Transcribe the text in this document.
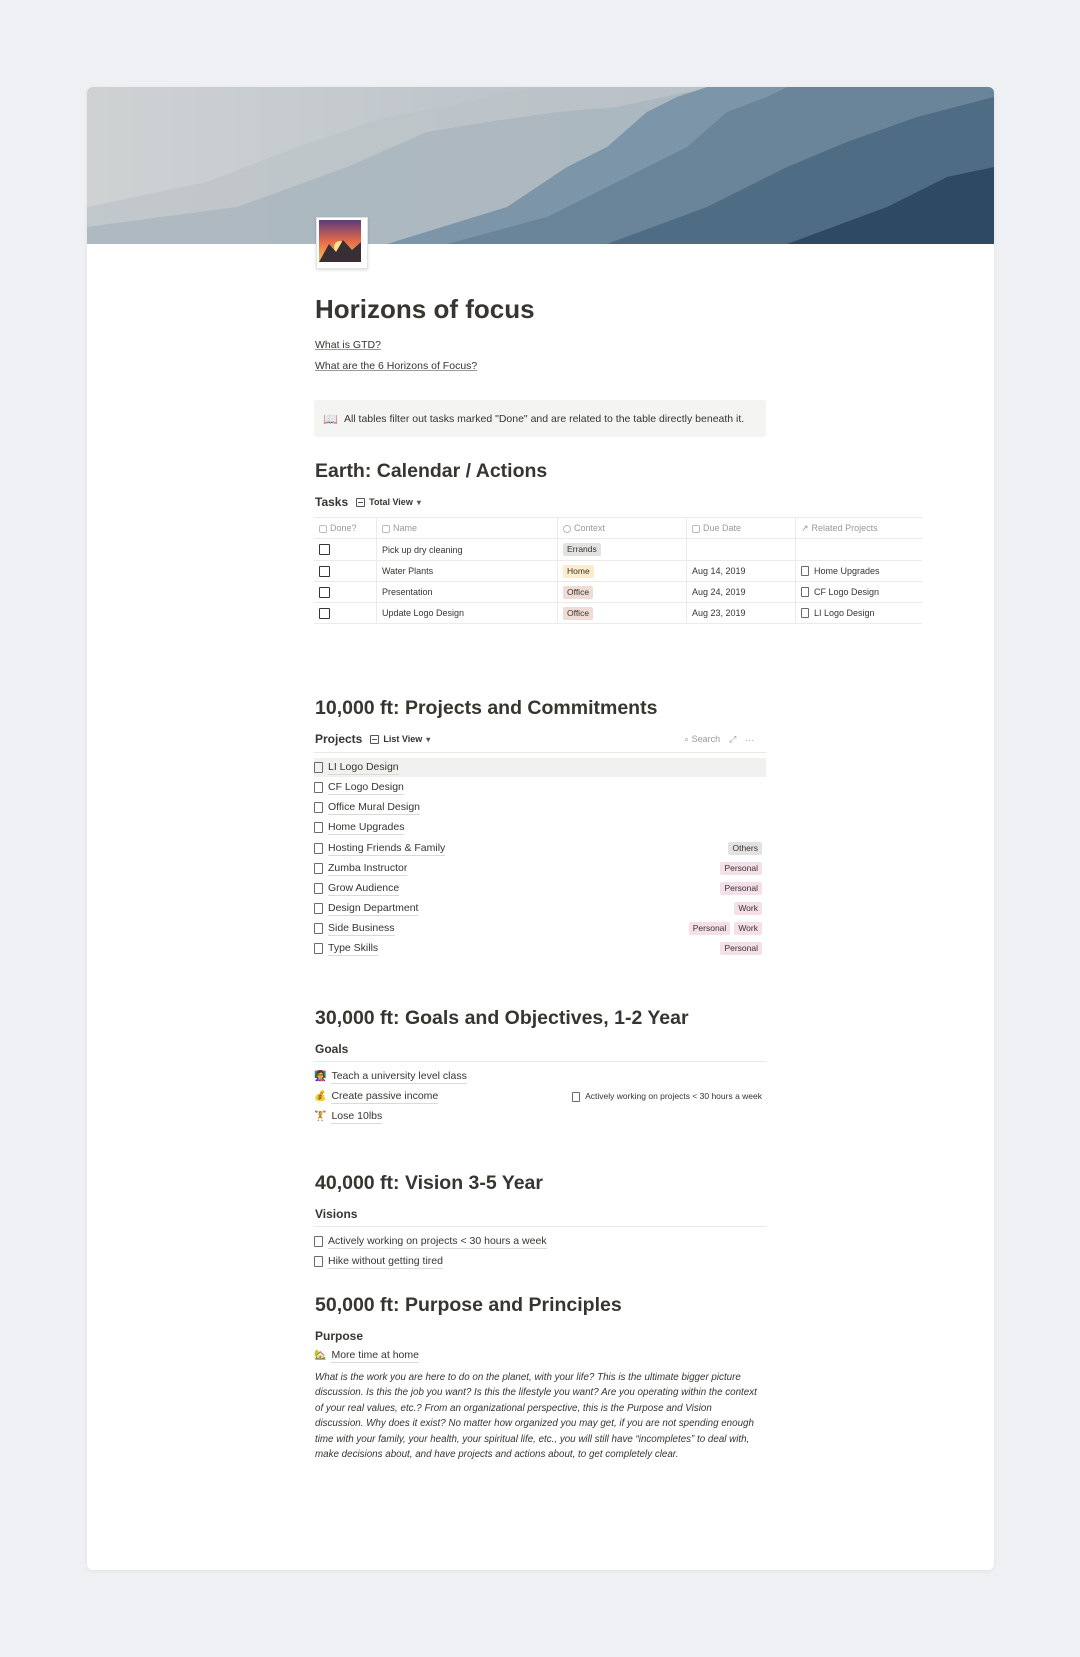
Horizons of focus
What is GTD?
What are the 6 Horizons of Focus?
📖 All tables filter out tasks marked "Done" and are related to the table directly beneath it.
Earth: Calendar / Actions
Tasks Total View ▾
Done?	Name	Context	Due Date	↗ Related Projects
	Pick up dry cleaning	Errands		
	Water Plants	Home	Aug 14, 2019	Home Upgrades
	Presentation	Office	Aug 24, 2019	CF Logo Design
	Update Logo Design	Office	Aug 23, 2019	LI Logo Design
10,000 ft: Projects and Commitments
Projects List View ▾	⌕ Search ⤢ ···
LI Logo Design
CF Logo Design
Office Mural Design
Home Upgrades
Hosting Friends & Family	Others
Zumba Instructor	Personal
Grow Audience	Personal
Design Department	Work
Side Business	Personal	Work
Type Skills	Personal
30,000 ft: Goals and Objectives, 1-2 Year
Goals
👩‍🏫 Teach a university level class
💰 Create passive income	Actively working on projects < 30 hours a week
🏋 Lose 10lbs
40,000 ft: Vision 3-5 Year
Visions
Actively working on projects < 30 hours a week
Hike without getting tired
50,000 ft: Purpose and Principles
Purpose
🏡 More time at home

What is the work you are here to do on the planet, with your life? This is the ultimate bigger picture discussion. Is this the job you want? Is this the lifestyle you want? Are you operating within the context of your real values, etc.? From an organizational perspective, this is the Purpose and Vision discussion. Why does it exist? No matter how organized you may get, if you are not spending enough time with your family, your health, your spiritual life, etc., you will still have “incompletes” to deal with, make decisions about, and have projects and actions about, to get completely clear.
